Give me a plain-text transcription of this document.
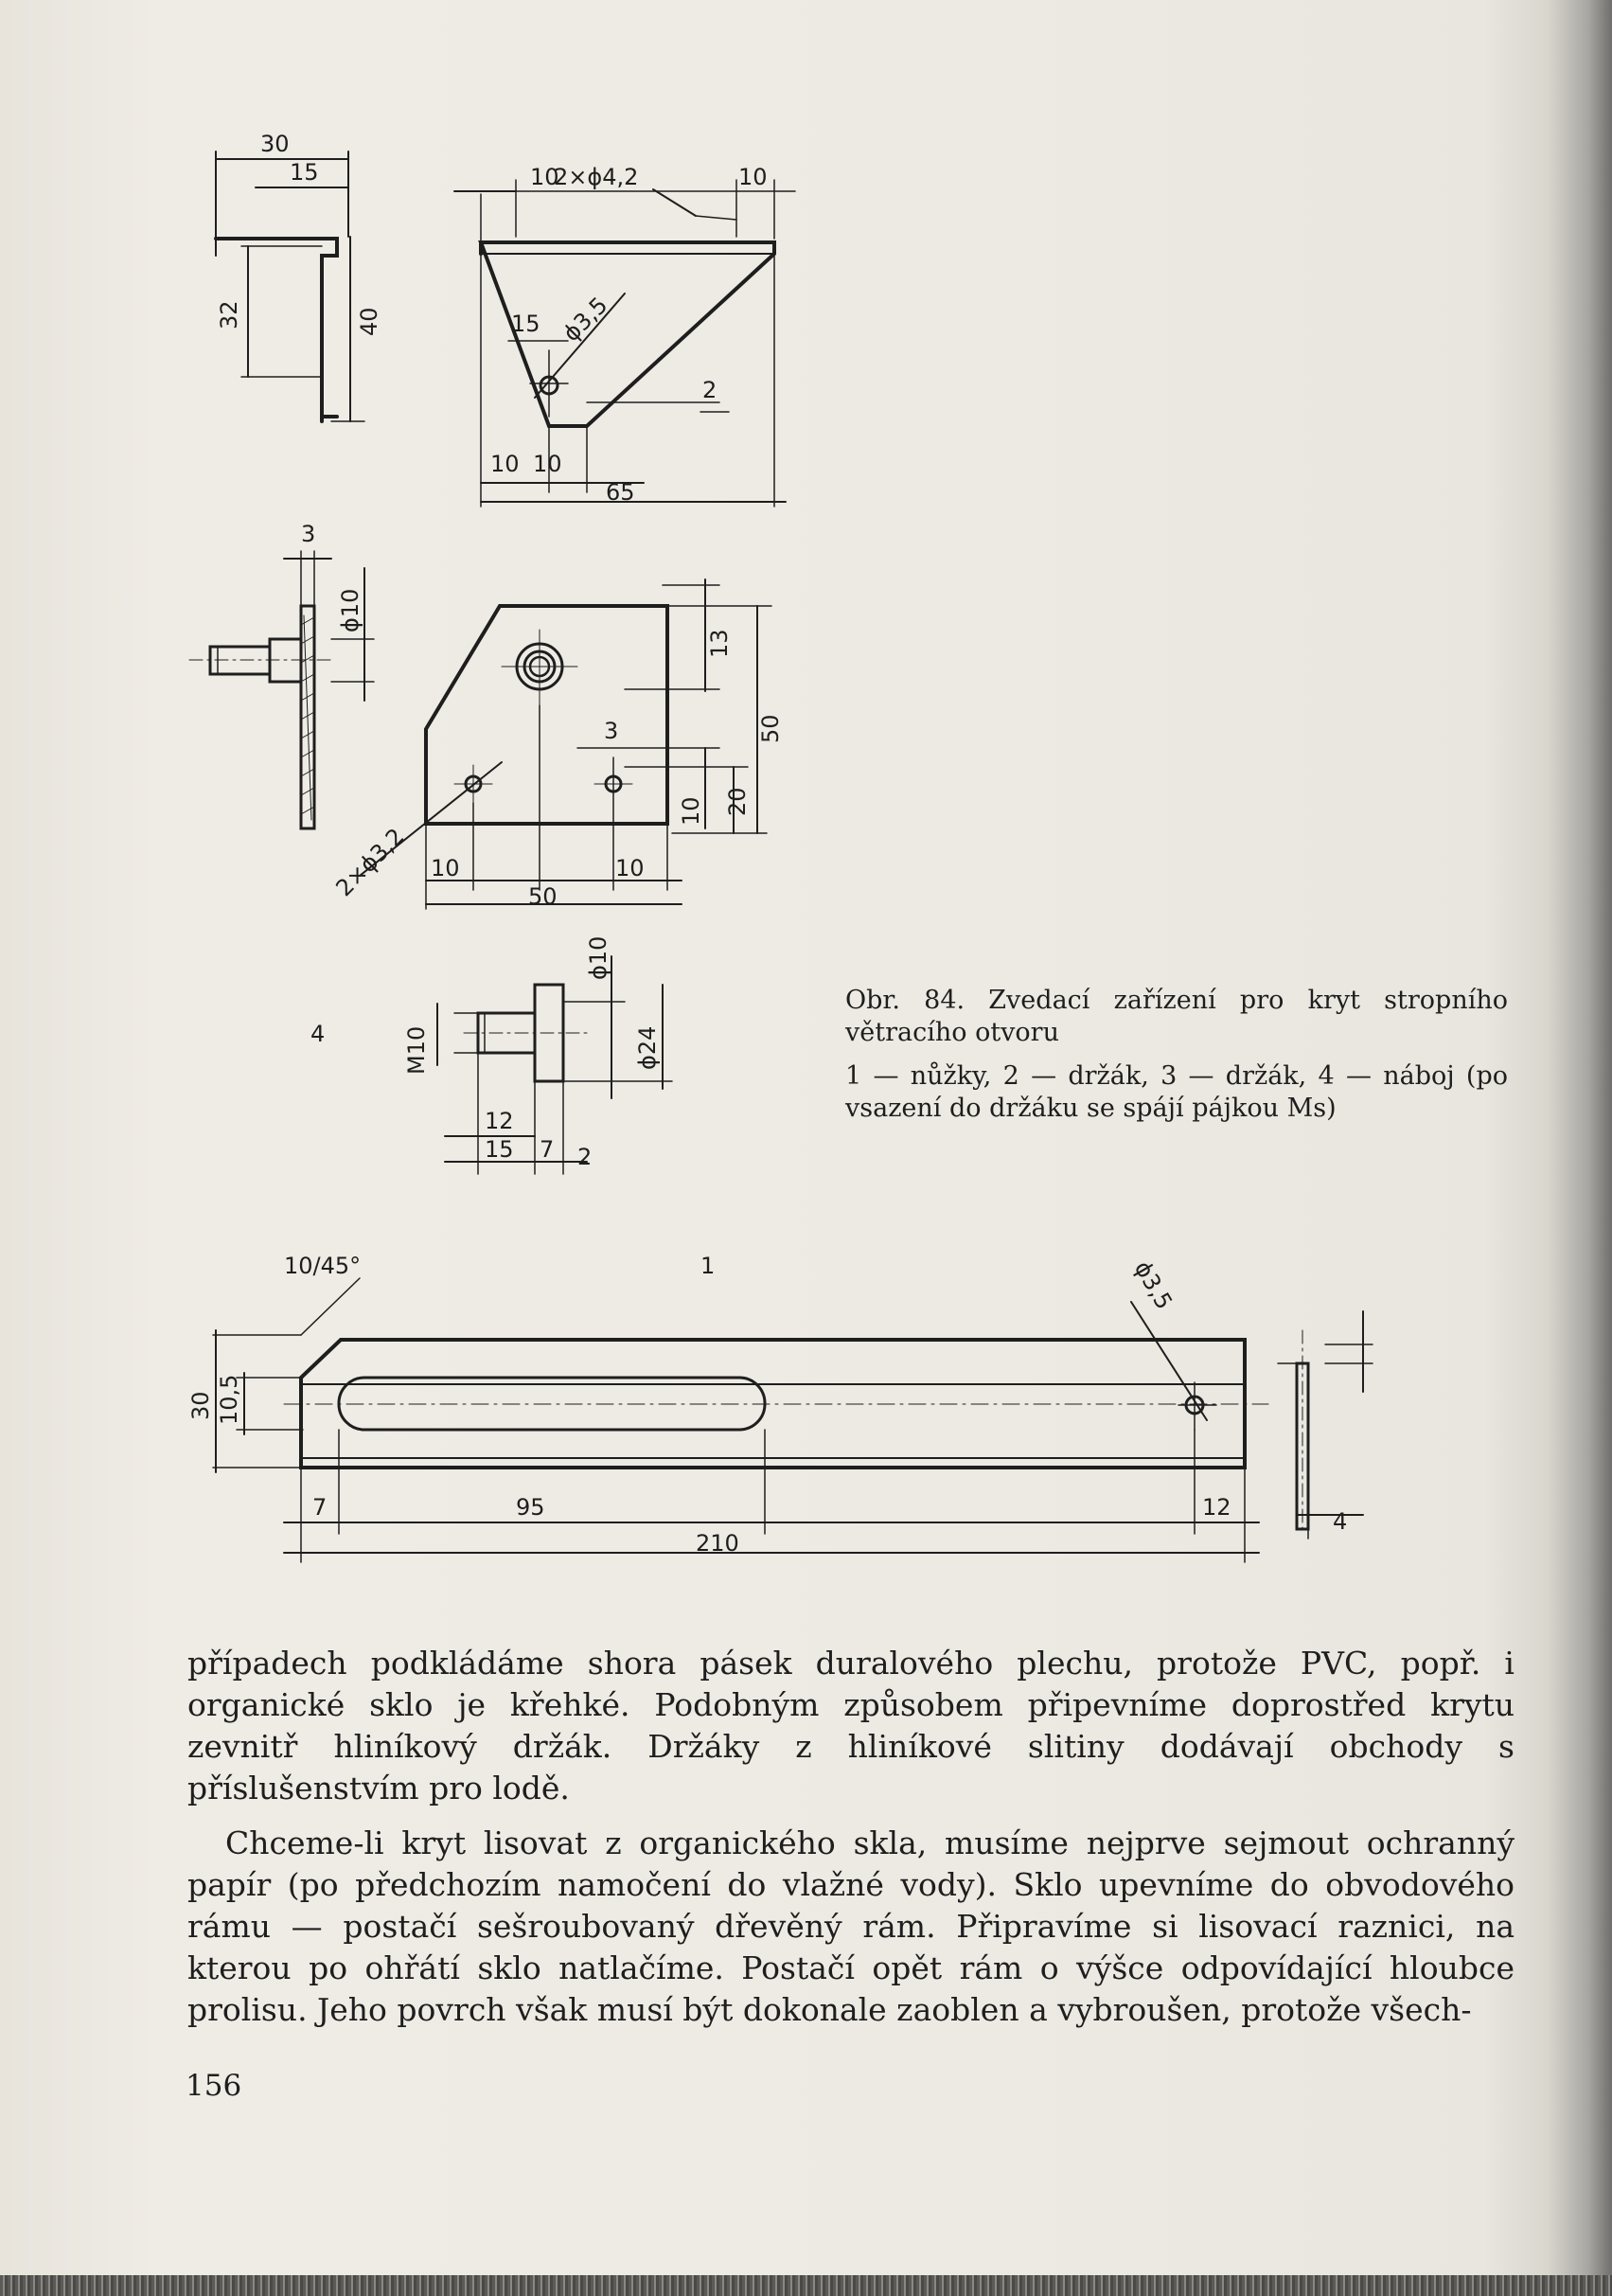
30
15
32	40
10
2×ϕ4,2	10
15 ϕ3,5
2
10 10
65
3
ϕ10
13
50
20
10
3
2×ϕ3,2 10	10
50
4	M10
ϕ10
ϕ24
12
15 7 2
10/45°	1	ϕ3,5
30 10,5
7	95	12
210
4

Obr. 84. Zvedací zařízení pro kryt stropního větracího otvoru

1 — nůžky, 2 — držák, 3 — držák, 4 — náboj (po vsazení do držáku se spájí pájkou Ms)

případech podkládáme shora pásek duralového plechu, protože PVC, popř. i organické sklo je křehké. Podobným způsobem připevníme doprostřed krytu zevnitř hliníkový držák. Držáky z hliníkové slitiny dodávají obchody s příslušenstvím pro lodě.

Chceme-li kryt lisovat z organického skla, musíme nejprve sejmout ochranný papír (po předchozím namočení do vlažné vody). Sklo upevníme do obvodového rámu — postačí sešroubovaný dřevěný rám. Připravíme si lisovací raznici, na kterou po ohřátí sklo natlačíme. Postačí opět rám o výšce odpovídající hloubce prolisu. Jeho povrch však musí být dokonale zaoblen a vybroušen, protože všech-

156
